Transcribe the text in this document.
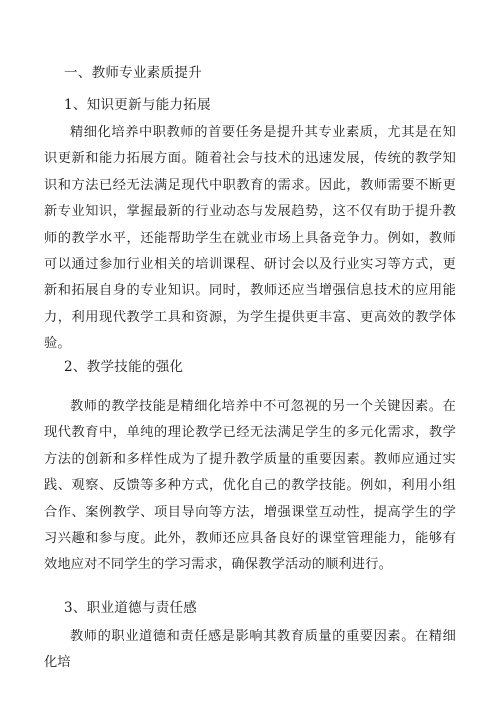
一、教师专业素质提升
1、知识更新与能力拓展
精细化培养中职教师的首要任务是提升其专业素质，尤其是在知识更新和能力拓展方面。随着社会与技术的迅速发展，传统的教学知识和方法已经无法满足现代中职教育的需求。因此，教师需要不断更新专业知识，掌握最新的行业动态与发展趋势，这不仅有助于提升教师的教学水平，还能帮助学生在就业市场上具备竞争力。例如，教师可以通过参加行业相关的培训课程、研讨会以及行业实习等方式，更新和拓展自身的专业知识。同时，教师还应当增强信息技术的应用能力，利用现代教学工具和资源，为学生提供更丰富、更高效的教学体验。
2、教学技能的强化
教师的教学技能是精细化培养中不可忽视的另一个关键因素。在现代教育中，单纯的理论教学已经无法满足学生的多元化需求，教学方法的创新和多样性成为了提升教学质量的重要因素。教师应通过实践、观察、反馈等多种方式，优化自己的教学技能。例如，利用小组合作、案例教学、项目导向等方法，增强课堂互动性，提高学生的学习兴趣和参与度。此外，教师还应具备良好的课堂管理能力，能够有效地应对不同学生的学习需求，确保教学活动的顺利进行。
3、职业道德与责任感
教师的职业道德和责任感是影响其教育质量的重要因素。在精细化培
